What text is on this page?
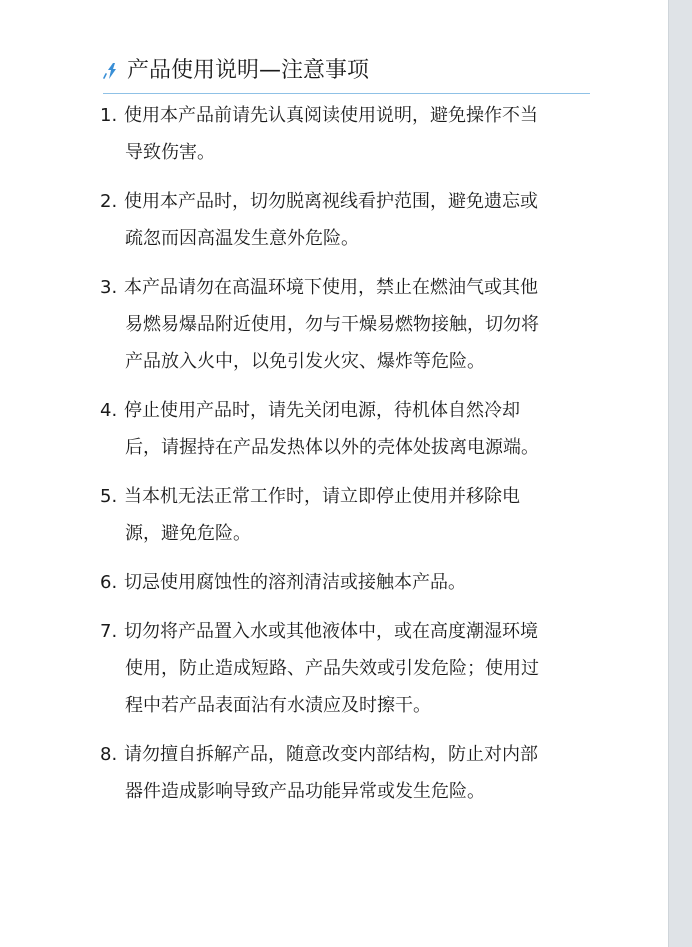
产品使用说明—注意事项
1. 使用本产品前请先认真阅读使用说明，避免操作不当
导致伤害。
2. 使用本产品时，切勿脱离视线看护范围，避免遗忘或
疏忽而因高温发生意外危险。
3. 本产品请勿在高温环境下使用，禁止在燃油气或其他
易燃易爆品附近使用，勿与干燥易燃物接触，切勿将
产品放入火中，以免引发火灾、爆炸等危险。
4. 停止使用产品时，请先关闭电源，待机体自然冷却
后，请握持在产品发热体以外的壳体处拔离电源端。
5. 当本机无法正常工作时，请立即停止使用并移除电
源，避免危险。
6. 切忌使用腐蚀性的溶剂清洁或接触本产品。
7. 切勿将产品置入水或其他液体中，或在高度潮湿环境
使用，防止造成短路、产品失效或引发危险；使用过
程中若产品表面沾有水渍应及时擦干。
8. 请勿擅自拆解产品，随意改变内部结构，防止对内部
器件造成影响导致产品功能异常或发生危险。
